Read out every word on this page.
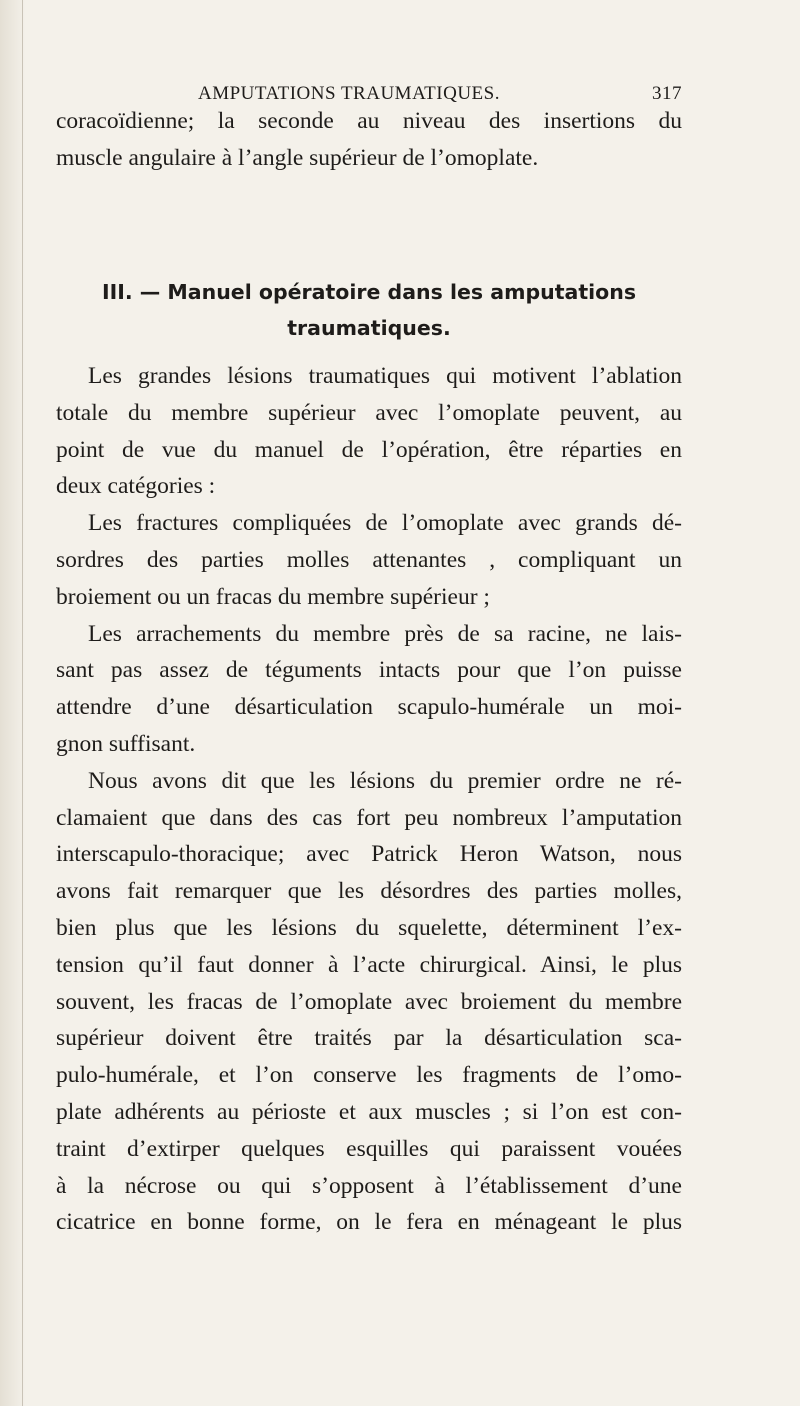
AMPUTATIONS TRAUMATIQUES.	317
coracoïdienne; la seconde au niveau des insertions du
muscle angulaire à l’angle supérieur de l’omoplate.
III. — Manuel opératoire dans les amputations
traumatiques.
Les grandes lésions traumatiques qui motivent l’ablation
totale du membre supérieur avec l’omoplate peuvent, au
point de vue du manuel de l’opération, être réparties en
deux catégories :
Les fractures compliquées de l’omoplate avec grands dé-
sordres des parties molles attenantes , compliquant un
broiement ou un fracas du membre supérieur ;
Les arrachements du membre près de sa racine, ne lais-
sant pas assez de téguments intacts pour que l’on puisse
attendre d’une désarticulation scapulo-humérale un moi-
gnon suffisant.
Nous avons dit que les lésions du premier ordre ne ré-
clamaient que dans des cas fort peu nombreux l’amputation
interscapulo-thoracique; avec Patrick Heron Watson, nous
avons fait remarquer que les désordres des parties molles,
bien plus que les lésions du squelette, déterminent l’ex-
tension qu’il faut donner à l’acte chirurgical. Ainsi, le plus
souvent, les fracas de l’omoplate avec broiement du membre
supérieur doivent être traités par la désarticulation sca-
pulo-humérale, et l’on conserve les fragments de l’omo-
plate adhérents au périoste et aux muscles ; si l’on est con-
traint d’extirper quelques esquilles qui paraissent vouées
à la nécrose ou qui s’opposent à l’établissement d’une
cicatrice en bonne forme, on le fera en ménageant le plus
